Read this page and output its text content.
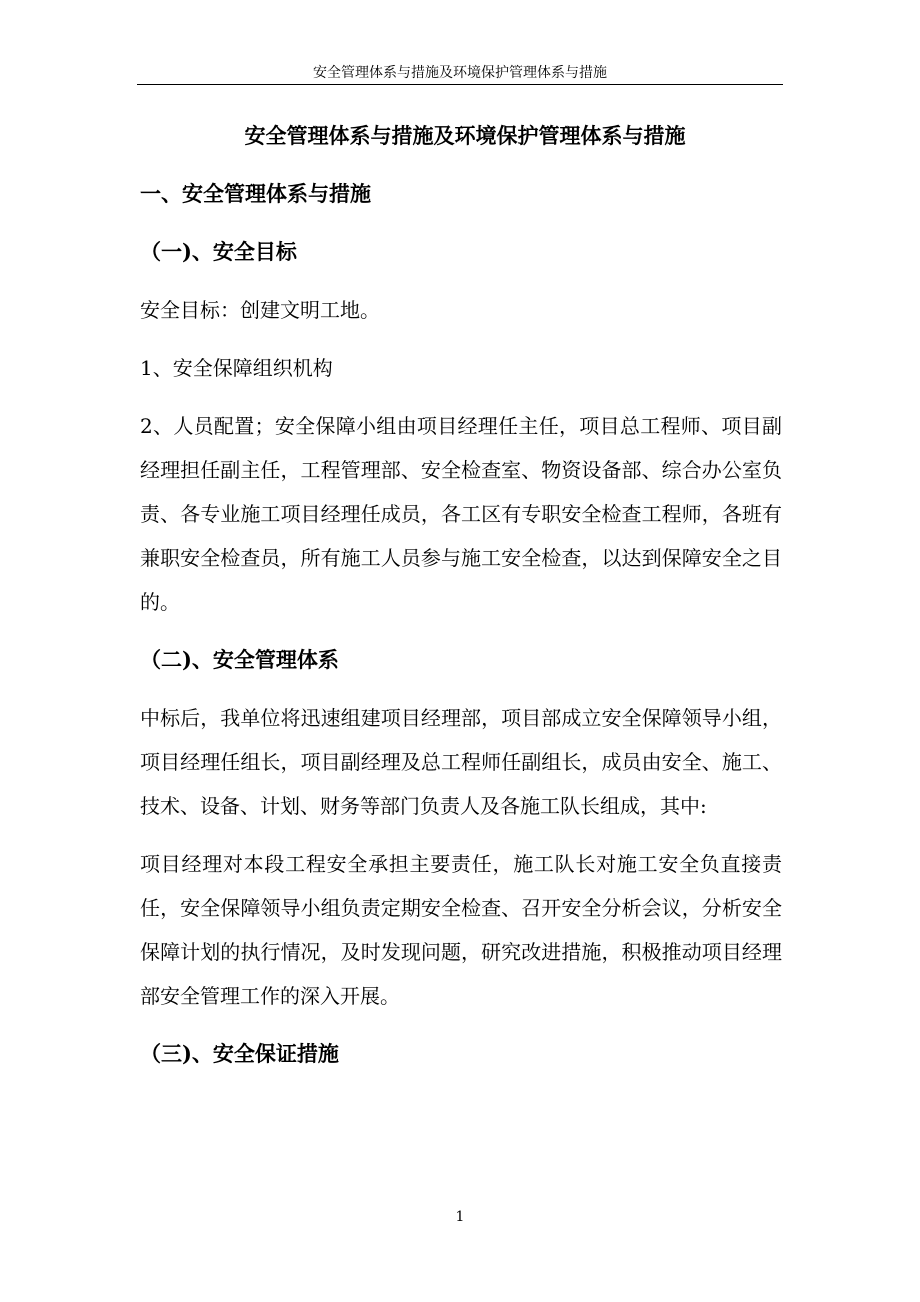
安全管理体系与措施及环境保护管理体系与措施
安全管理体系与措施及环境保护管理体系与措施
一、安全管理体系与措施
（一)、安全目标
安全目标：创建文明工地。
1、安全保障组织机构
2、人员配置；安全保障小组由项目经理任主任，项目总工程师、项目副经理担任副主任，工程管理部、安全检查室、物资设备部、综合办公室负责、各专业施工项目经理任成员，各工区有专职安全检查工程师，各班有兼职安全检查员，所有施工人员参与施工安全检查，以达到保障安全之目的。
（二)、安全管理体系
中标后，我单位将迅速组建项目经理部，项目部成立安全保障领导小组，项目经理任组长，项目副经理及总工程师任副组长，成员由安全、施工、技术、设备、计划、财务等部门负责人及各施工队长组成，其中:
项目经理对本段工程安全承担主要责任，施工队长对施工安全负直接责任，安全保障领导小组负责定期安全检查、召开安全分析会议，分析安全保障计划的执行情况，及时发现问题，研究改进措施，积极推动项目经理部安全管理工作的深入开展。
（三)、安全保证措施
1
